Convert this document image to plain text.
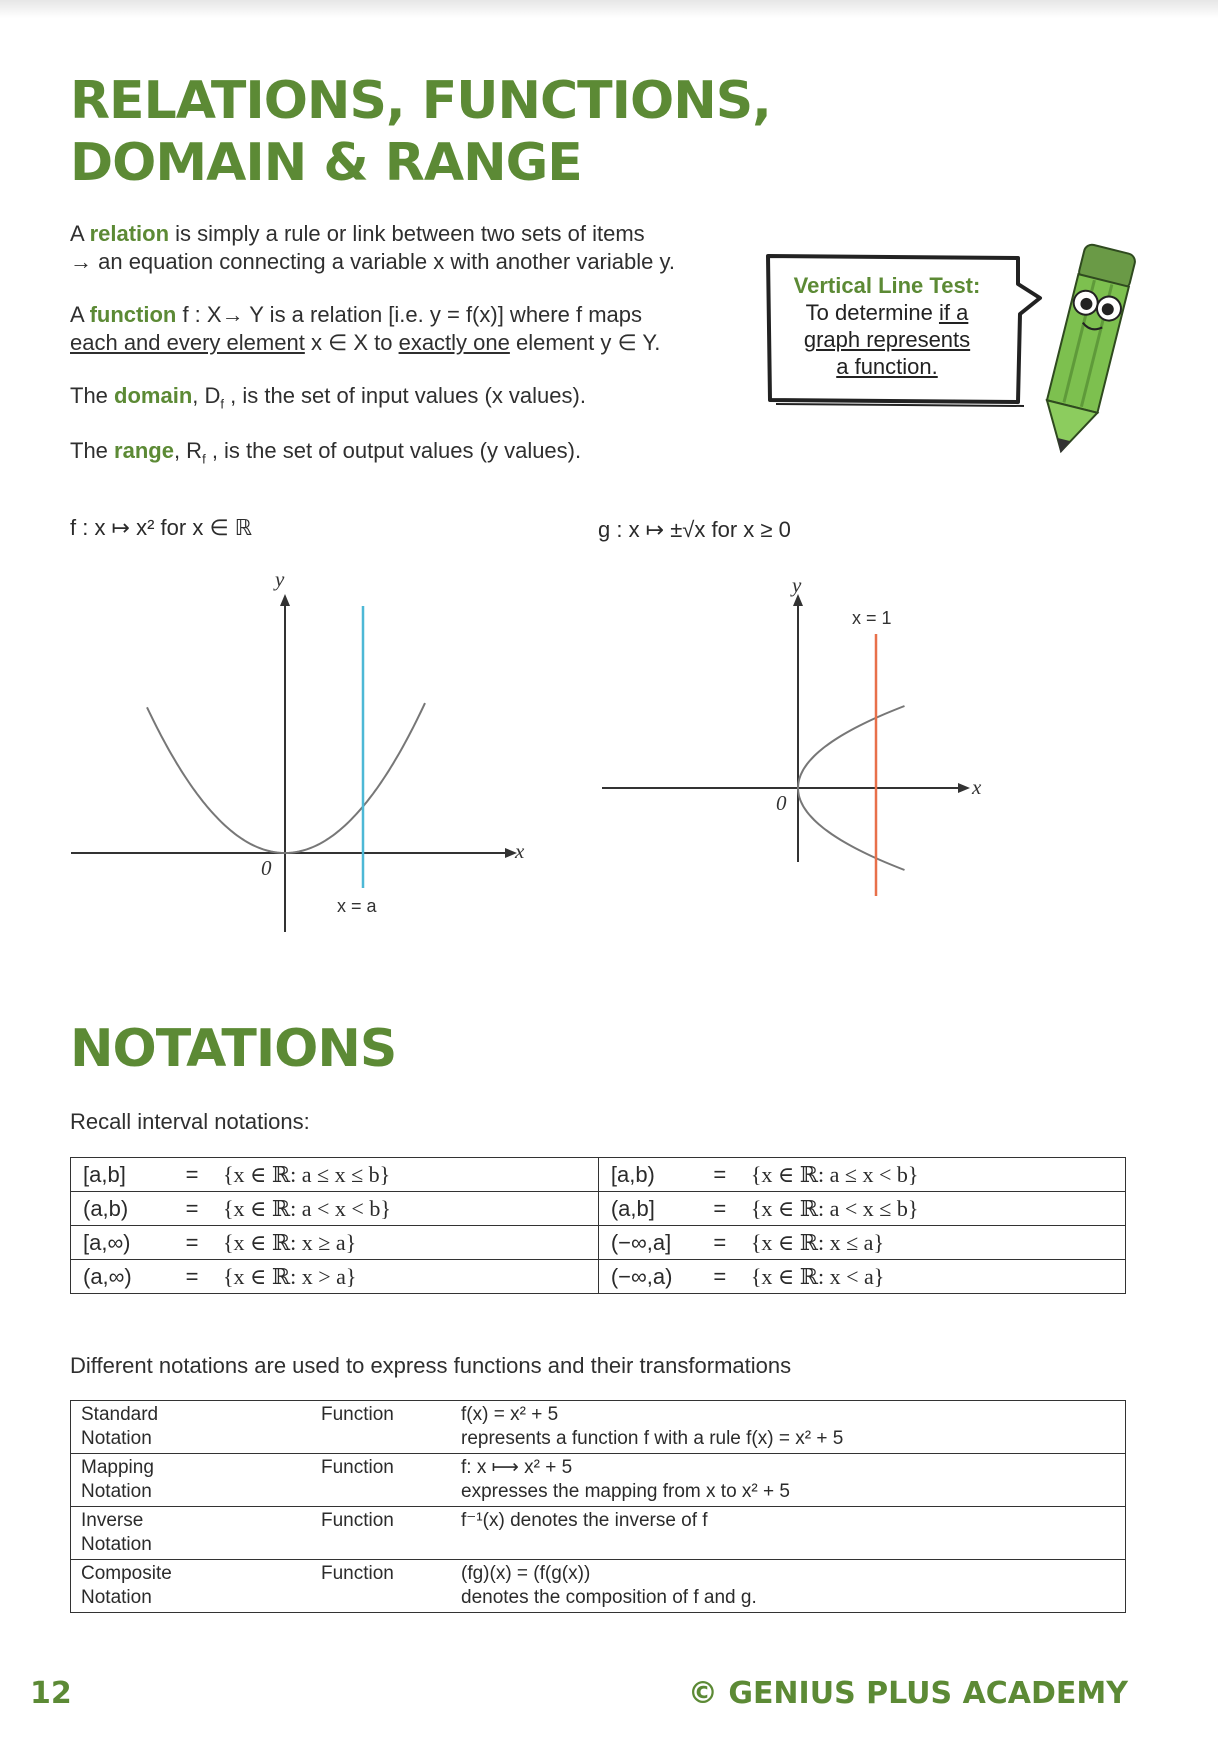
RELATIONS, FUNCTIONS,
DOMAIN & RANGE

A relation is simply a rule or link between two sets of items
→ an equation connecting a variable x with another variable y.

A function f : X→ Y is a relation [i.e. y = f(x)] where f maps
each and every element x ∈ X to exactly one element y ∈ Y.

The domain, $D_f$ , is the set of input values (x values).

The range, $R_f$ , is the set of output values (y values).

Vertical Line Test:
To determine if a
graph represents
a function.
f : x ↦ x² for x ∈ ℝ
y
x
0
x = a
g : x ↦ ±√x for x ≥ 0
y
x
0
x = 1
NOTATIONS

Recall interval notations:

[a,b]	=	{x ∈ ℝ: a ≤ x ≤ b}	[a,b)	=	{x ∈ ℝ: a ≤ x < b}
(a,b)	=	{x ∈ ℝ: a < x < b}	(a,b]	=	{x ∈ ℝ: a < x ≤ b}
[a,∞)	=	{x ∈ ℝ: x ≥ a}	(−∞,a]	=	{x ∈ ℝ: x ≤ a}
(a,∞)	=	{x ∈ ℝ: x > a}	(−∞,a)	=	{x ∈ ℝ: x < a}

Different notations are used to express functions and their transformations

Standard
Notation	Function	f(x) = x² + 5
represents a function f with a rule f(x) = x² + 5
Mapping
Notation	Function	f: x ⟼ x² + 5
expresses the mapping from x to x² + 5
Inverse
Notation	Function	f⁻¹(x) denotes the inverse of f

Composite
Notation	Function	(fg)(x) = (f(g(x))
denotes the composition of f and g.
12	© GENIUS PLUS ACADEMY
